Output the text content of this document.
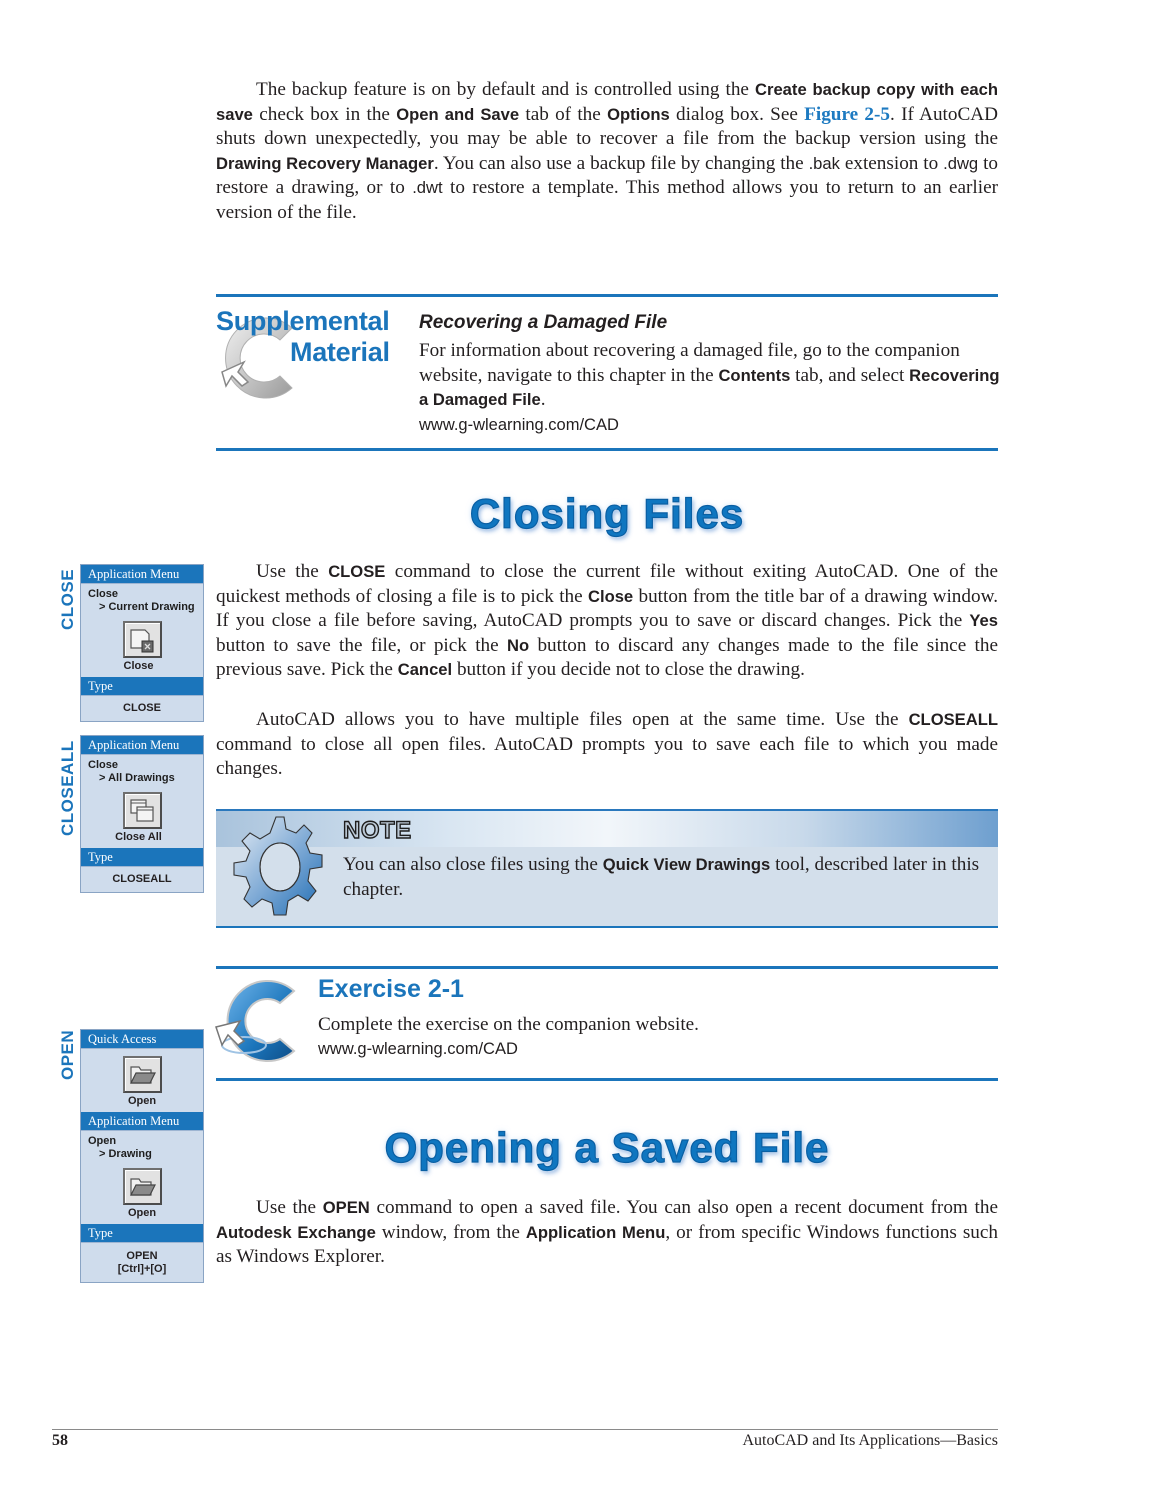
The backup feature is on by default and is controlled using the Create backup copy with each save check box in the Open and Save tab of the Options dialog box. See Figure 2-5. If AutoCAD shuts down unexpectedly, you may be able to recover a file from the backup version using the Drawing Recovery Manager. You can also use a backup file by changing the .bak extension to .dwg to restore a drawing, or to .dwt to restore a template. This method allows you to return to an earlier version of the file.

Supplemental
Material
Recovering a Damaged File
For information about recovering a damaged file, go to the companion website, navigate to this chapter in the Contents tab, and select Recovering a Damaged File.
www.g-wlearning.com/CAD
Closing Files

Use the CLOSE command to close the current file without exiting AutoCAD. One of the quickest methods of closing a file is to pick the Close button from the title bar of a drawing window. If you close a file before saving, AutoCAD prompts you to save or discard changes. Pick the Yes button to save the file, or pick the No button to discard any changes made to the file since the previous save. Pick the Cancel button if you decide not to close the drawing.

AutoCAD allows you to have multiple files open at the same time. Use the CLOSEALL command to close all open files. AutoCAD prompts you to save each file to which you made changes.

CLOSE Application Menu
Close
> Current Drawing
Close
Type
CLOSE
CLOSEALL Application Menu
Close
> All Drawings
Close All
Type
CLOSEALL
NOTE
You can also close files using the Quick View Drawings tool, described later in this chapter.
Exercise 2-1
Complete the exercise on the companion website.
www.g-wlearning.com/CAD
OPEN Quick Access
Open
Application Menu
Open
> Drawing
Open
Type
OPEN
[Ctrl]+[O]
Opening a Saved File

Use the OPEN command to open a saved file. You can also open a recent document from the Autodesk Exchange window, from the Application Menu, or from specific Windows functions such as Windows Explorer.

58	AutoCAD and Its Applications—Basics
